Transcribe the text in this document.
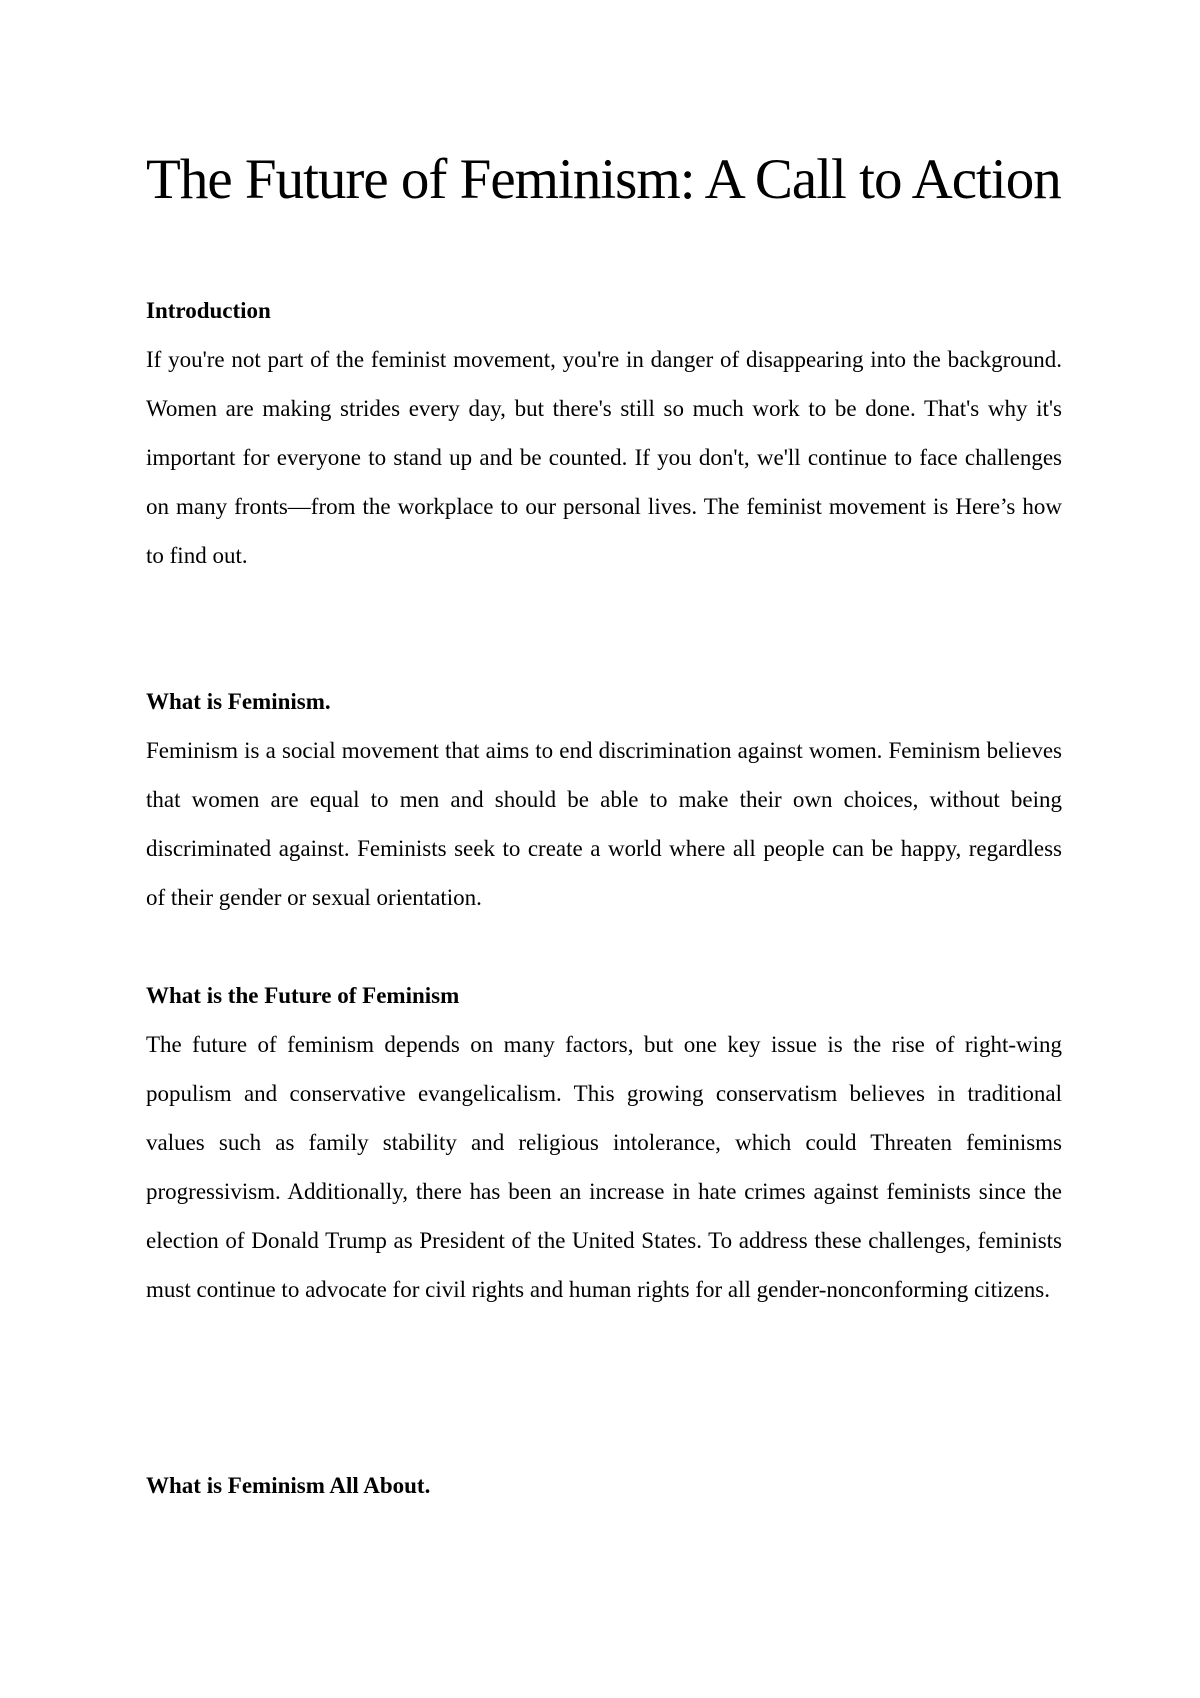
The Future of Feminism: A Call to Action
Introduction

If you're not part of the feminist movement, you're in danger of disappearing into the background. Women are making strides every day, but there's still so much work to be done. That's why it's important for everyone to stand up and be counted. If you don't, we'll continue to face challenges on many fronts—from the workplace to our personal lives. The feminist movement is Here’s how to find out.

What is Feminism.

Feminism is a social movement that aims to end discrimination against women. Feminism believes that women are equal to men and should be able to make their own choices, without being discriminated against. Feminists seek to create a world where all people can be happy, regardless of their gender or sexual orientation.

What is the Future of Feminism

The future of feminism depends on many factors, but one key issue is the rise of right-wing populism and conservative evangelicalism. This growing conservatism believes in traditional values such as family stability and religious intolerance, which could Threaten feminisms progressivism. Additionally, there has been an increase in hate crimes against feminists since the election of Donald Trump as President of the United States. To address these challenges, feminists must continue to advocate for civil rights and human rights for all gender-nonconforming citizens.

What is Feminism All About.
